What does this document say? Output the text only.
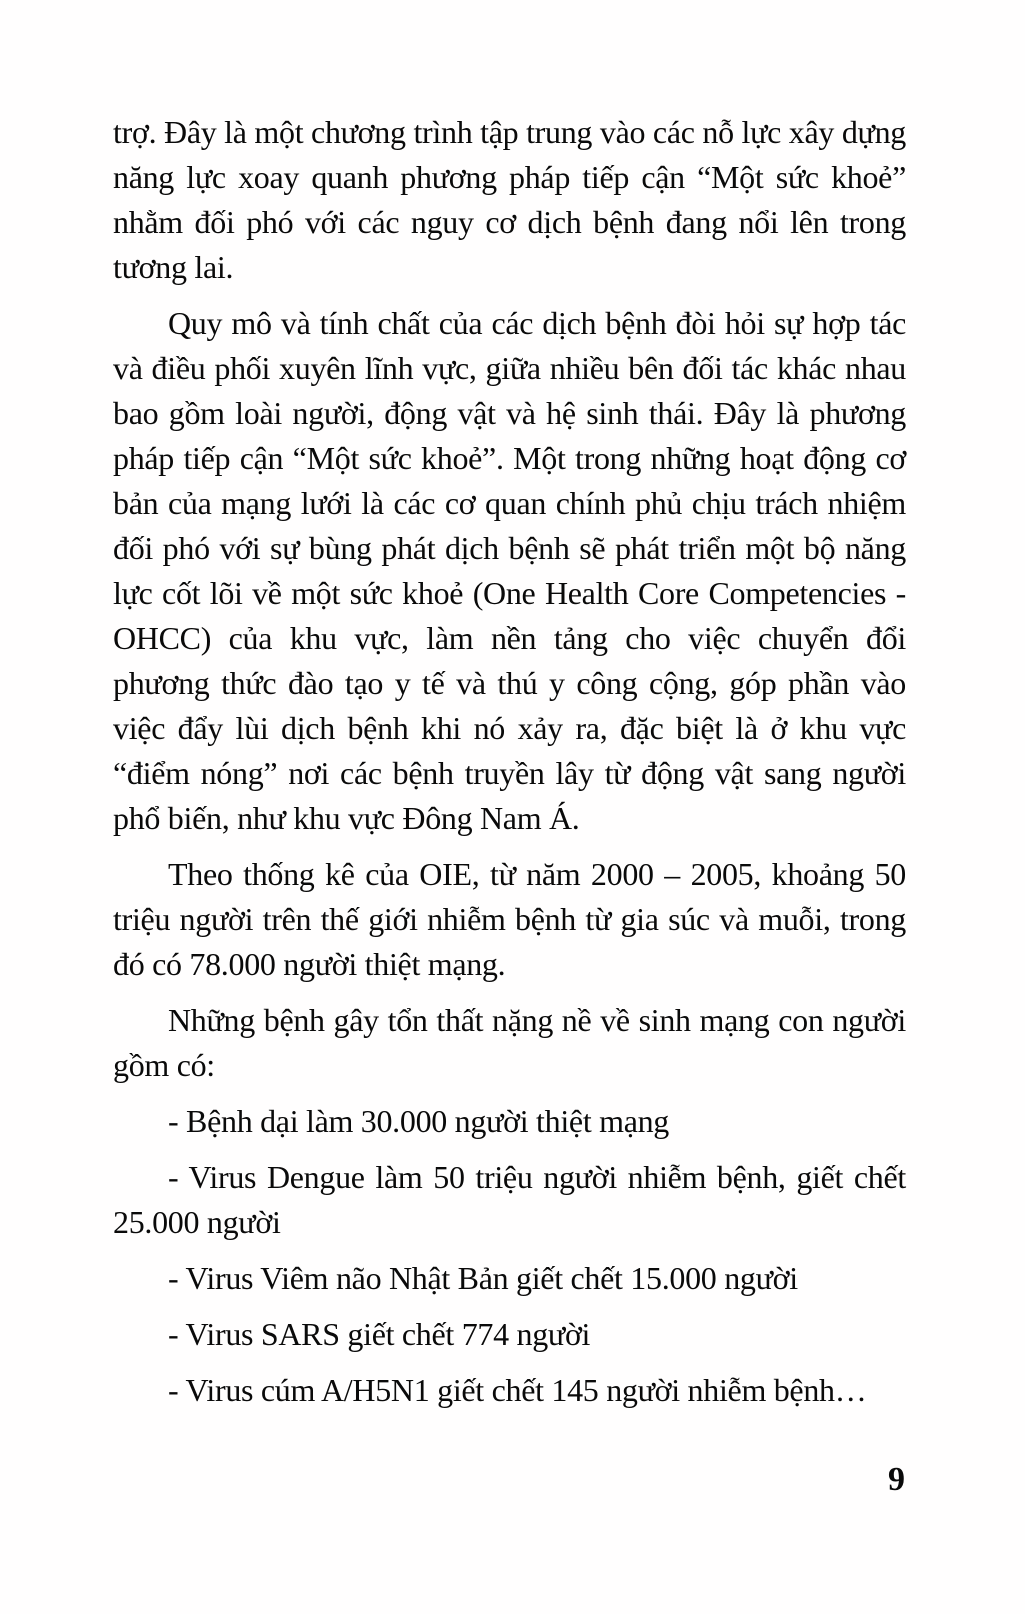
trợ. Đây là một chương trình tập trung vào các nỗ lực xây dựng năng lực xoay quanh phương pháp tiếp cận “Một sức khoẻ” nhằm đối phó với các nguy cơ dịch bệnh đang nổi lên trong tương lai.

Quy mô và tính chất của các dịch bệnh đòi hỏi sự hợp tác và điều phối xuyên lĩnh vực, giữa nhiều bên đối tác khác nhau bao gồm loài người, động vật và hệ sinh thái. Đây là phương pháp tiếp cận “Một sức khoẻ”. Một trong những hoạt động cơ bản của mạng lưới là các cơ quan chính phủ chịu trách nhiệm đối phó với sự bùng phát dịch bệnh sẽ phát triển một bộ năng lực cốt lõi về một sức khoẻ (One Health Core Competencies - OHCC) của khu vực, làm nền tảng cho việc chuyển đổi phương thức đào tạo y tế và thú y công cộng, góp phần vào việc đẩy lùi dịch bệnh khi nó xảy ra, đặc biệt là ở khu vực “điểm nóng” nơi các bệnh truyền lây từ động vật sang người phổ biến, như khu vực Đông Nam Á.

Theo thống kê của OIE, từ năm 2000 – 2005, khoảng 50 triệu người trên thế giới nhiễm bệnh từ gia súc và muỗi, trong đó có 78.000 người thiệt mạng.

Những bệnh gây tổn thất nặng nề về sinh mạng con người gồm có:

- Bệnh dại làm 30.000 người thiệt mạng

- Virus Dengue làm 50 triệu người nhiễm bệnh, giết chết 25.000 người

- Virus Viêm não Nhật Bản giết chết 15.000 người

- Virus SARS giết chết 774 người

- Virus cúm A/H5N1 giết chết 145 người nhiễm bệnh…

9
